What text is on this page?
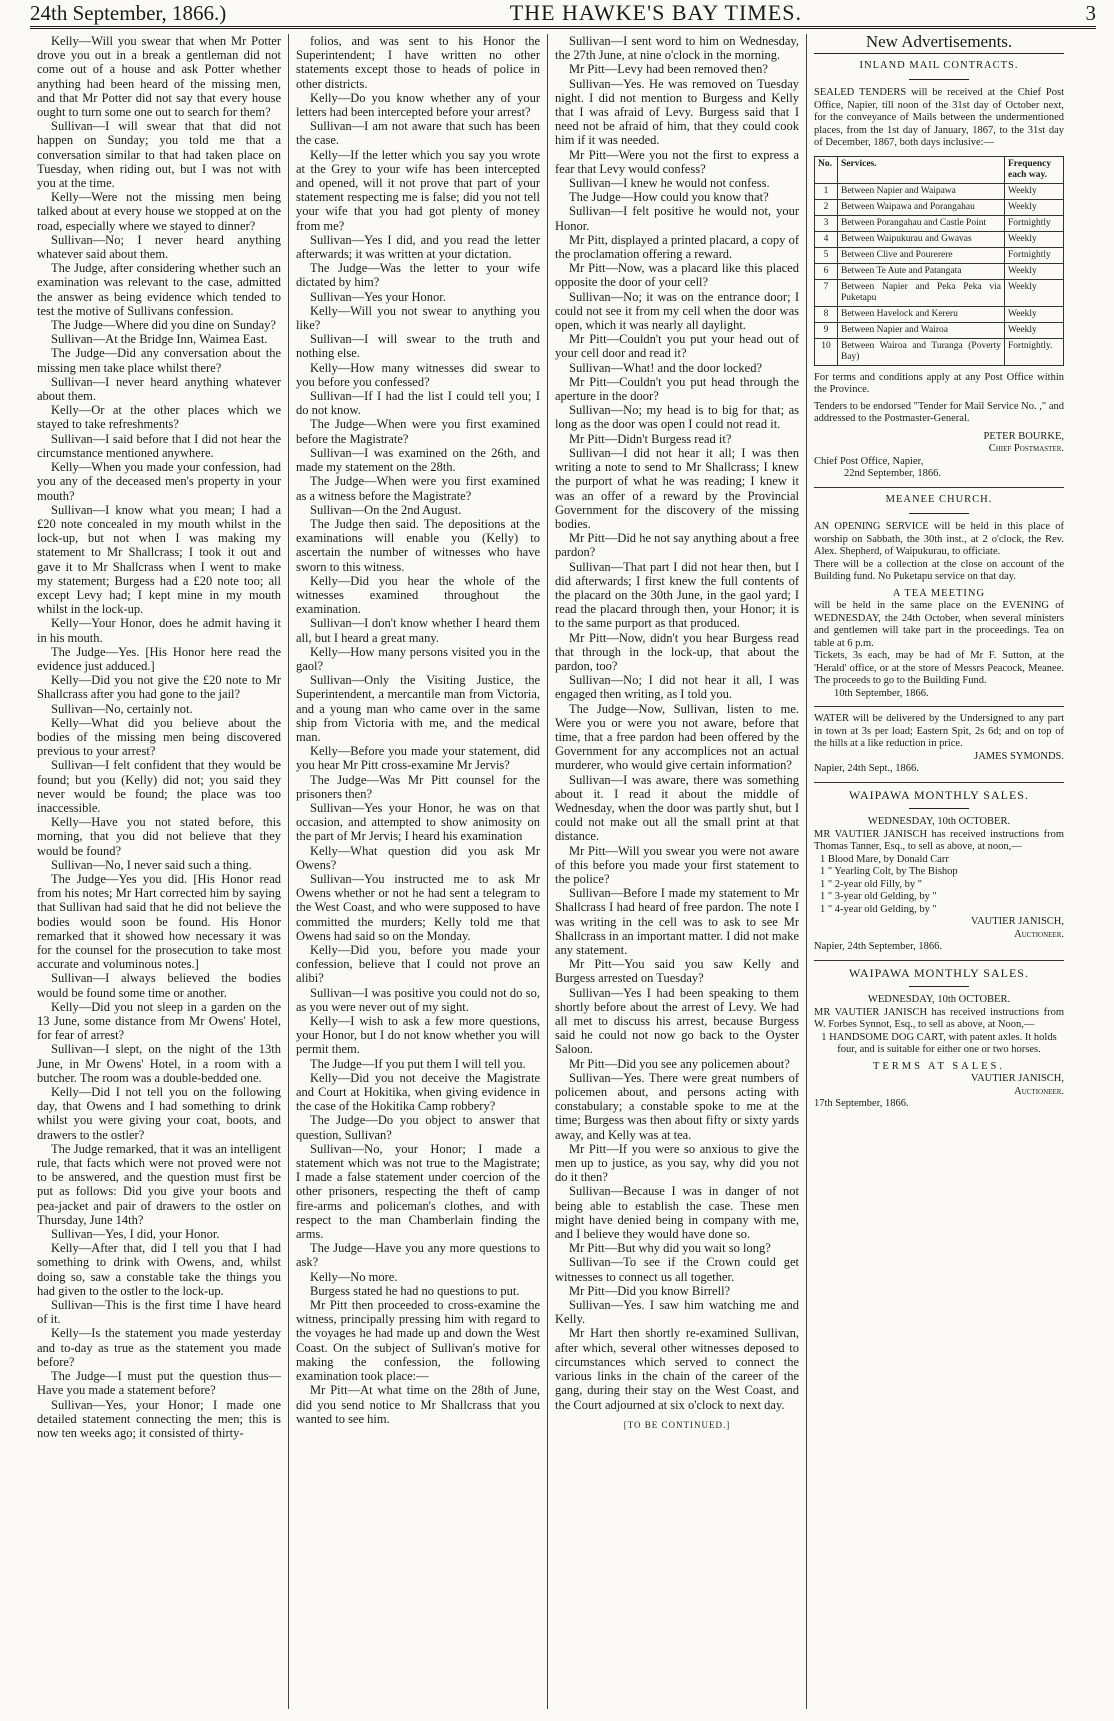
24th September, 1866.)	THE HAWKE'S BAY TIMES.	3

Kelly—Will you swear that when Mr Potter drove you out in a break a gentleman did not come out of a house and ask Potter whether anything had been heard of the missing men, and that Mr Potter did not say that every house ought to turn some one out to search for them?

Sullivan—I will swear that that did not happen on Sunday; you told me that a conversation similar to that had taken place on Tuesday, when riding out, but I was not with you at the time.

Kelly—Were not the missing men being talked about at every house we stopped at on the road, especially where we stayed to dinner?

Sullivan—No; I never heard anything whatever said about them.

The Judge, after considering whether such an examination was relevant to the case, admitted the answer as being evidence which tended to test the motive of Sullivans confession.

The Judge—Where did you dine on Sunday?

Sullivan—At the Bridge Inn, Waimea East.

The Judge—Did any conversation about the missing men take place whilst there?

Sullivan—I never heard anything whatever about them.

Kelly—Or at the other places which we stayed to take refreshments?

Sullivan—I said before that I did not hear the circumstance mentioned anywhere.

Kelly—When you made your confession, had you any of the deceased men's property in your mouth?

Sullivan—I know what you mean; I had a £20 note concealed in my mouth whilst in the lock-up, but not when I was making my statement to Mr Shallcrass; I took it out and gave it to Mr Shallcrass when I went to make my statement; Burgess had a £20 note too; all except Levy had; I kept mine in my mouth whilst in the lock-up.

Kelly—Your Honor, does he admit having it in his mouth.

The Judge—Yes. [His Honor here read the evidence just adduced.]

Kelly—Did you not give the £20 note to Mr Shallcrass after you had gone to the jail?

Sullivan—No, certainly not.

Kelly—What did you believe about the bodies of the missing men being discovered previous to your arrest?

Sullivan—I felt confident that they would be found; but you (Kelly) did not; you said they never would be found; the place was too inaccessible.

Kelly—Have you not stated before, this morning, that you did not believe that they would be found?

Sullivan—No, I never said such a thing.

The Judge—Yes you did. [His Honor read from his notes; Mr Hart corrected him by saying that Sullivan had said that he did not believe the bodies would soon be found. His Honor remarked that it showed how necessary it was for the counsel for the prosecution to take most accurate and voluminous notes.]

Sullivan—I always believed the bodies would be found some time or another.

Kelly—Did you not sleep in a garden on the 13 June, some distance from Mr Owens' Hotel, for fear of arrest?

Sullivan—I slept, on the night of the 13th June, in Mr Owens' Hotel, in a room with a butcher. The room was a double-bedded one.

Kelly—Did I not tell you on the following day, that Owens and I had something to drink whilst you were giving your coat, boots, and drawers to the ostler?

The Judge remarked, that it was an intelligent rule, that facts which were not proved were not to be answered, and the question must first be put as follows: Did you give your boots and pea-jacket and pair of drawers to the ostler on Thursday, June 14th?

Sullivan—Yes, I did, your Honor.

Kelly—After that, did I tell you that I had something to drink with Owens, and, whilst doing so, saw a constable take the things you had given to the ostler to the lock-up.

Sullivan—This is the first time I have heard of it.

Kelly—Is the statement you made yesterday and to-day as true as the statement you made before?

The Judge—I must put the question thus—Have you made a statement before?

Sullivan—Yes, your Honor; I made one detailed statement connecting the men; this is now ten weeks ago; it consisted of thirty-

folios, and was sent to his Honor the Superintendent; I have written no other statements except those to heads of police in other districts.

Kelly—Do you know whether any of your letters had been intercepted before your arrest?

Sullivan—I am not aware that such has been the case.

Kelly—If the letter which you say you wrote at the Grey to your wife has been intercepted and opened, will it not prove that part of your statement respecting me is false; did you not tell your wife that you had got plenty of money from me?

Sullivan—Yes I did, and you read the letter afterwards; it was written at your dictation.

The Judge—Was the letter to your wife dictated by him?

Sullivan—Yes your Honor.

Kelly—Will you not swear to anything you like?

Sullivan—I will swear to the truth and nothing else.

Kelly—How many witnesses did swear to you before you confessed?

Sullivan—If I had the list I could tell you; I do not know.

The Judge—When were you first examined before the Magistrate?

Sullivan—I was examined on the 26th, and made my statement on the 28th.

The Judge—When were you first examined as a witness before the Magistrate?

Sullivan—On the 2nd August.

The Judge then said. The depositions at the examinations will enable you (Kelly) to ascertain the number of witnesses who have sworn to this witness.

Kelly—Did you hear the whole of the witnesses examined throughout the examination.

Sullivan—I don't know whether I heard them all, but I heard a great many.

Kelly—How many persons visited you in the gaol?

Sullivan—Only the Visiting Justice, the Superintendent, a mercantile man from Victoria, and a young man who came over in the same ship from Victoria with me, and the medical man.

Kelly—Before you made your statement, did you hear Mr Pitt cross-examine Mr Jervis?

The Judge—Was Mr Pitt counsel for the prisoners then?

Sullivan—Yes your Honor, he was on that occasion, and attempted to show animosity on the part of Mr Jervis; I heard his examination

Kelly—What question did you ask Mr Owens?

Sullivan—You instructed me to ask Mr Owens whether or not he had sent a telegram to the West Coast, and who were supposed to have committed the murders; Kelly told me that Owens had said so on the Monday.

Kelly—Did you, before you made your confession, believe that I could not prove an alibi?

Sullivan—I was positive you could not do so, as you were never out of my sight.

Kelly—I wish to ask a few more questions, your Honor, but I do not know whether you will permit them.

The Judge—If you put them I will tell you.

Kelly—Did you not deceive the Magistrate and Court at Hokitika, when giving evidence in the case of the Hokitika Camp robbery?

The Judge—Do you object to answer that question, Sullivan?

Sullivan—No, your Honor; I made a statement which was not true to the Magistrate; I made a false statement under coercion of the other prisoners, respecting the theft of camp fire-arms and policeman's clothes, and with respect to the man Chamberlain finding the arms.

The Judge—Have you any more questions to ask?

Kelly—No more.

Burgess stated he had no questions to put.

Mr Pitt then proceeded to cross-examine the witness, principally pressing him with regard to the voyages he had made up and down the West Coast. On the subject of Sullivan's motive for making the confession, the following examination took place:—

Mr Pitt—At what time on the 28th of June, did you send notice to Mr Shallcrass that you wanted to see him.

Sullivan—I sent word to him on Wednesday, the 27th June, at nine o'clock in the morning.

Mr Pitt—Levy had been removed then?

Sullivan—Yes. He was removed on Tuesday night. I did not mention to Burgess and Kelly that I was afraid of Levy. Burgess said that I need not be afraid of him, that they could cook him if it was needed.

Mr Pitt—Were you not the first to express a fear that Levy would confess?

Sullivan—I knew he would not confess.

The Judge—How could you know that?

Sullivan—I felt positive he would not, your Honor.

Mr Pitt, displayed a printed placard, a copy of the proclamation offering a reward.

Mr Pitt—Now, was a placard like this placed opposite the door of your cell?

Sullivan—No; it was on the entrance door; I could not see it from my cell when the door was open, which it was nearly all daylight.

Mr Pitt—Couldn't you put your head out of your cell door and read it?

Sullivan—What! and the door locked?

Mr Pitt—Couldn't you put head through the aperture in the door?

Sullivan—No; my head is to big for that; as long as the door was open I could not read it.

Mr Pitt—Didn't Burgess read it?

Sullivan—I did not hear it all; I was then writing a note to send to Mr Shallcrass; I knew the purport of what he was reading; I knew it was an offer of a reward by the Provincial Government for the discovery of the missing bodies.

Mr Pitt—Did he not say anything about a free pardon?

Sullivan—That part I did not hear then, but I did afterwards; I first knew the full contents of the placard on the 30th June, in the gaol yard; I read the placard through then, your Honor; it is to the same purport as that produced.

Mr Pitt—Now, didn't you hear Burgess read that through in the lock-up, that about the pardon, too?

Sullivan—No; I did not hear it all, I was engaged then writing, as I told you.

The Judge—Now, Sullivan, listen to me. Were you or were you not aware, before that time, that a free pardon had been offered by the Government for any accomplices not an actual murderer, who would give certain information?

Sullivan—I was aware, there was something about it. I read it about the middle of Wednesday, when the door was partly shut, but I could not make out all the small print at that distance.

Mr Pitt—Will you swear you were not aware of this before you made your first statement to the police?

Sullivan—Before I made my statement to Mr Shallcrass I had heard of free pardon. The note I was writing in the cell was to ask to see Mr Shallcrass in an important matter. I did not make any statement.

Mr Pitt—You said you saw Kelly and Burgess arrested on Tuesday?

Sullivan—Yes I had been speaking to them shortly before about the arrest of Levy. We had all met to discuss his arrest, because Burgess said he could not now go back to the Oyster Saloon.

Mr Pitt—Did you see any policemen about?

Sullivan—Yes. There were great numbers of policemen about, and persons acting with constabulary; a constable spoke to me at the time; Burgess was then about fifty or sixty yards away, and Kelly was at tea.

Mr Pitt—If you were so anxious to give the men up to justice, as you say, why did you not do it then?

Sullivan—Because I was in danger of not being able to establish the case. These men might have denied being in company with me, and I believe they would have done so.

Mr Pitt—But why did you wait so long?

Sullivan—To see if the Crown could get witnesses to connect us all together.

Mr Pitt—Did you know Birrell?

Sullivan—Yes. I saw him watching me and Kelly.

Mr Hart then shortly re-examined Sullivan, after which, several other witnesses deposed to circumstances which served to connect the various links in the chain of the career of the gang, during their stay on the West Coast, and the Court adjourned at six o'clock to next day.

[TO BE CONTINUED.]
New Advertisements.

INLAND MAIL CONTRACTS.

SEALED TENDERS will be received at the Chief Post Office, Napier, till noon of the 31st day of October next, for the conveyance of Mails between the undermentioned places, from the 1st day of January, 1867, to the 31st day of December, 1867, both days inclusive:—

No.	Services.	Frequency each way.
1	Between Napier and Waipawa	Weekly
2	Between Waipawa and Porangahau	Weekly
3	Between Porangahau and Castle Point	Fortnightly
4	Between Waipukurau and Gwavas	Weekly
5	Between Clive and Pourerere	Fortnightly
6	Between Te Aute and Patangata	Weekly
7	Between Napier and Peka Peka via Puketapu	Weekly
8	Between Havelock and Kereru	Weekly
9	Between Napier and Wairoa	Weekly
10	Between Wairoa and Turanga (Poverty Bay)	Fortnightly.

For terms and conditions apply at any Post Office within the Province.

Tenders to be endorsed "Tender for Mail Service No. ," and addressed to the Postmaster-General.

PETER BOURKE,

Chief Postmaster.

Chief Post Office, Napier,

22nd September, 1866.

MEANEE CHURCH.

AN OPENING SERVICE will be held in this place of worship on Sabbath, the 30th inst., at 2 o'clock, the Rev. Alex. Shepherd, of Waipukurau, to officiate.

There will be a collection at the close on account of the Building fund. No Puketapu service on that day.

A TEA MEETING

will be held in the same place on the EVENING of WEDNESDAY, the 24th October, when several ministers and gentlemen will take part in the proceedings. Tea on table at 6 p.m.

Tickets, 3s each, may be had of Mr F. Sutton, at the 'Herald' office, or at the store of Messrs Peacock, Meanee. The proceeds to go to the Building Fund.

10th September, 1866.

WATER will be delivered by the Undersigned to any part in town at 3s per load; Eastern Spit, 2s 6d; and on top of the hills at a like reduction in price.

JAMES SYMONDS.

Napier, 24th Sept., 1866.

WAIPAWA MONTHLY SALES.

WEDNESDAY, 10th OCTOBER.

MR VAUTIER JANISCH has received instructions from Thomas Tanner, Esq., to sell as above, at noon,—

1 Blood Mare, by Donald Carr

1 " Yearling Colt, by The Bishop

1 " 2-year old Filly, by "

1 " 3-year old Gelding, by "

1 " 4-year old Gelding, by "

VAUTIER JANISCH,

Auctioneer.

Napier, 24th September, 1866.

WAIPAWA MONTHLY SALES.

WEDNESDAY, 10th OCTOBER.

MR VAUTIER JANISCH has received instructions from W. Forbes Synnot, Esq., to sell as above, at Noon,—

1 HANDSOME DOG CART, with patent axles. It holds four, and is suitable for either one or two horses.

TERMS AT SALES.

VAUTIER JANISCH,

Auctioneer.

17th September, 1866.
